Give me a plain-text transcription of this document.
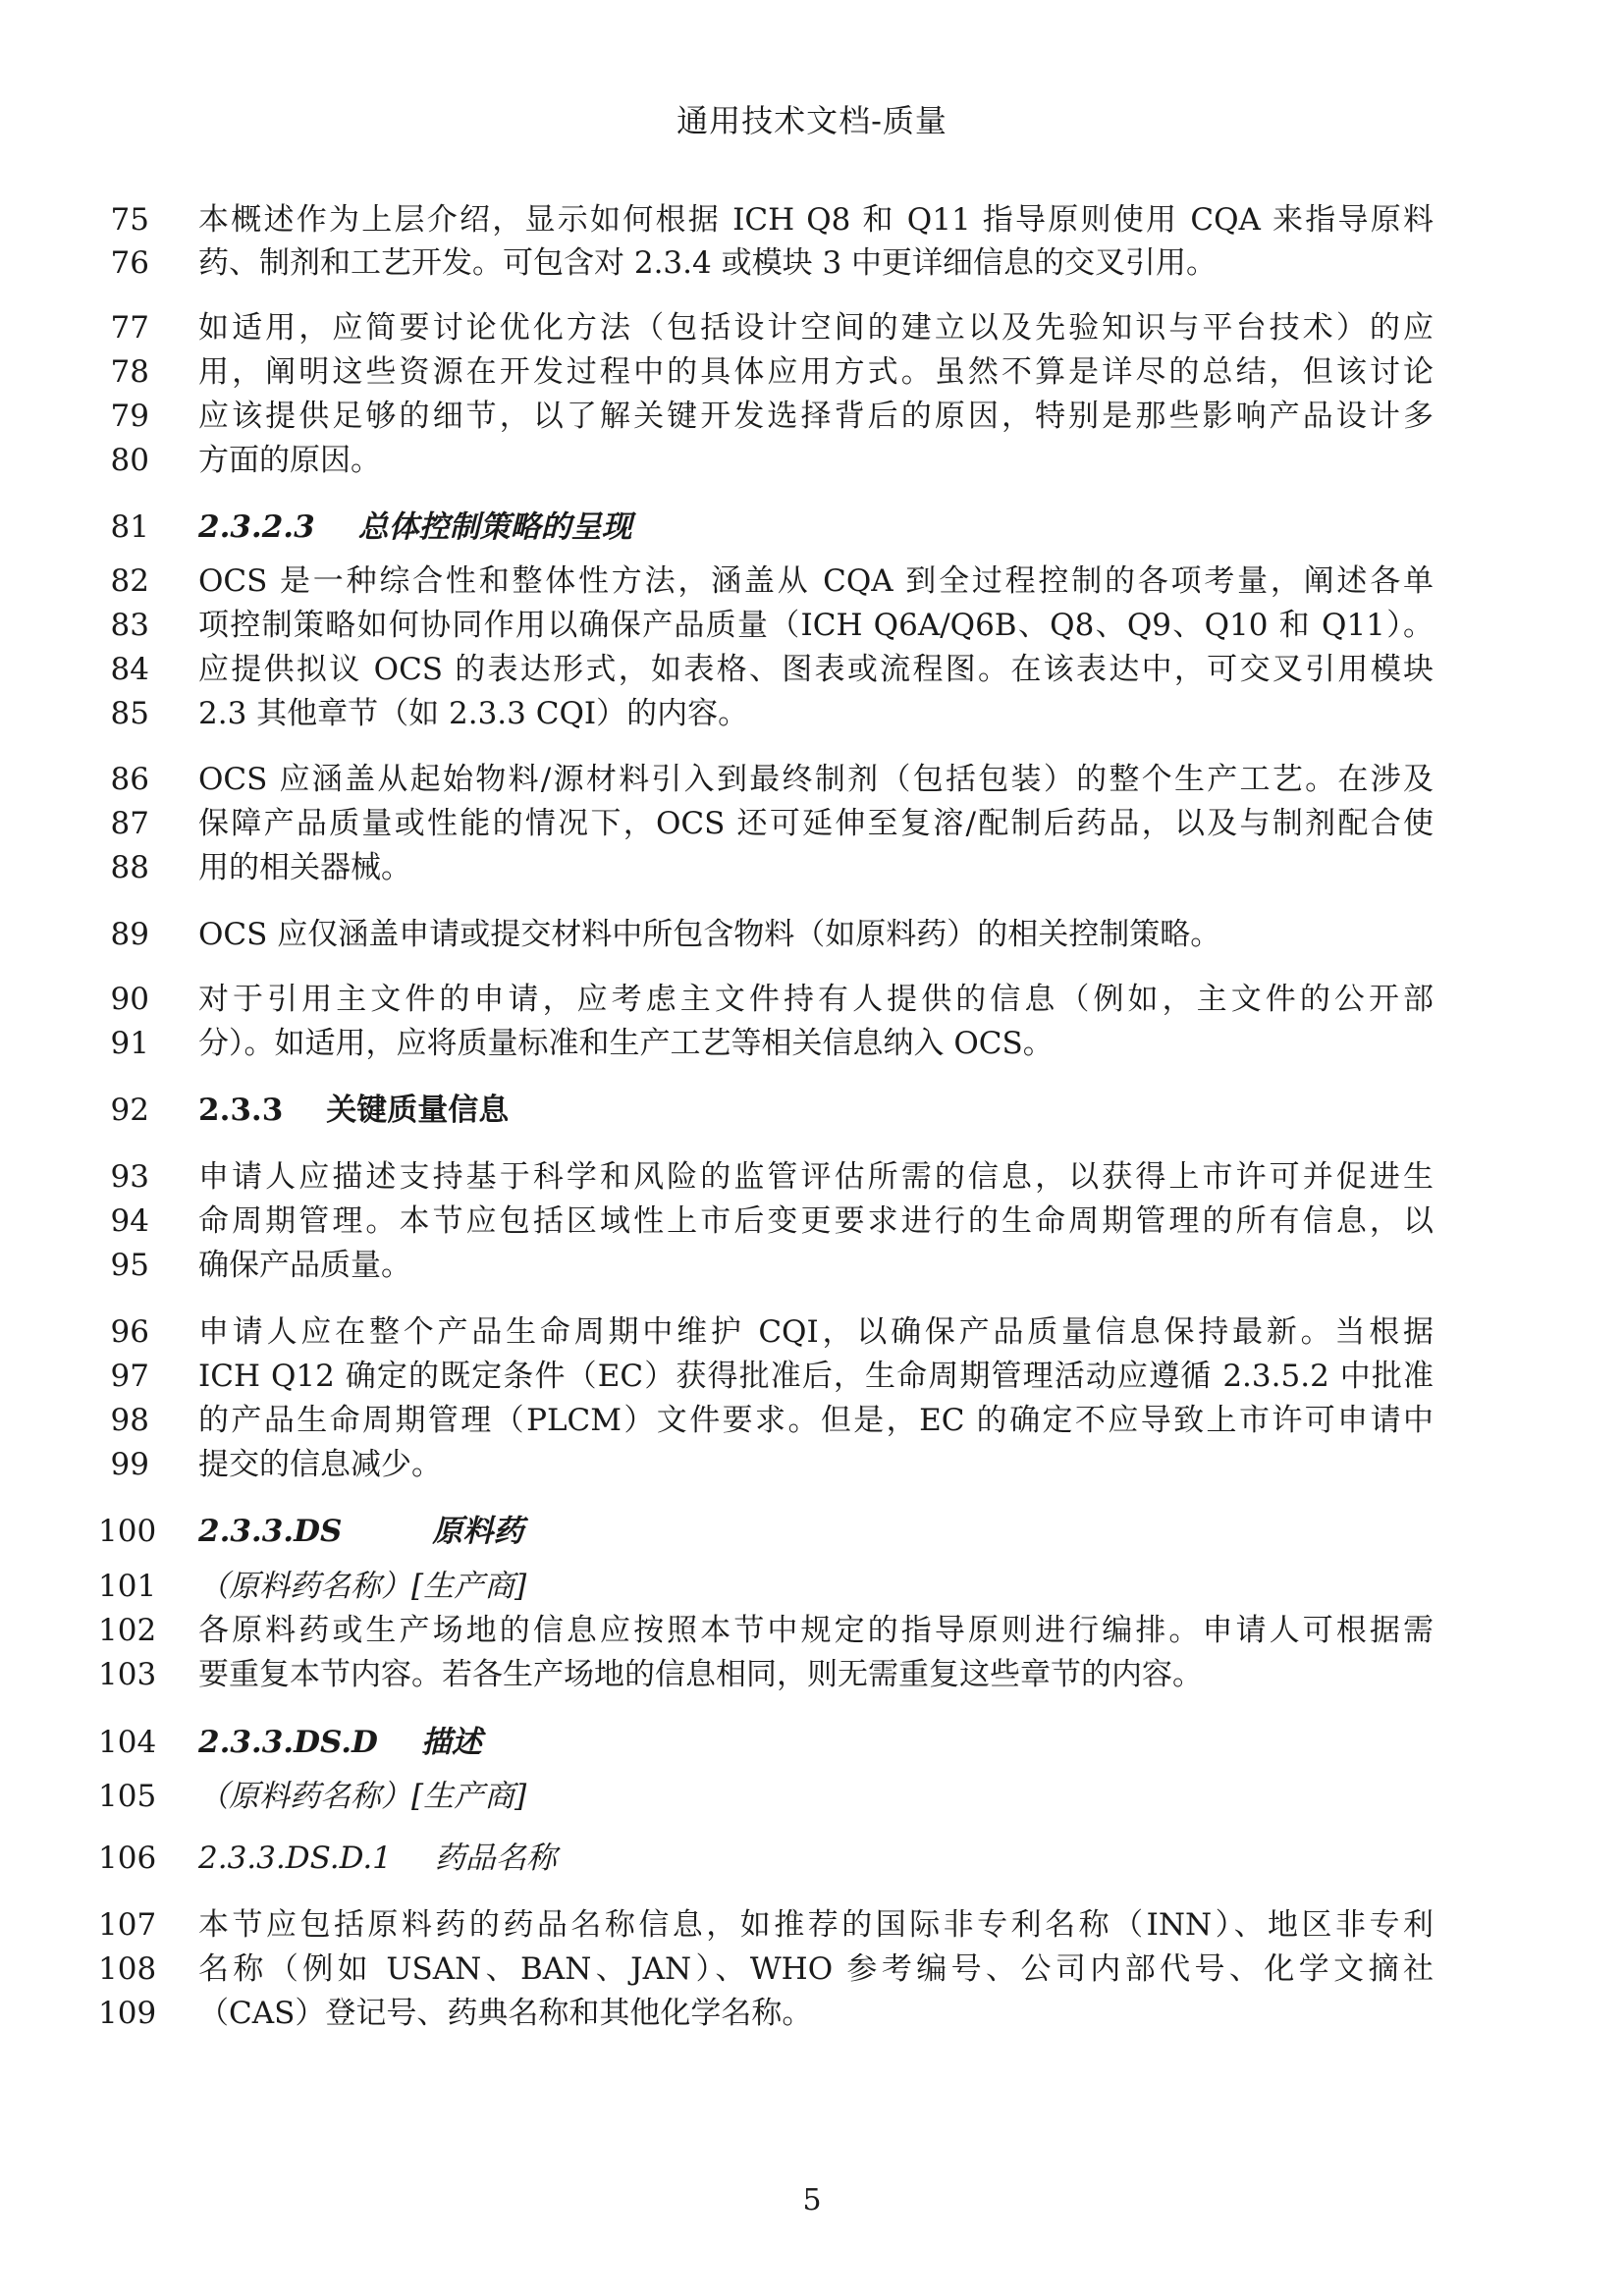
通用技术文档-质量
75 本概述作为上层介绍，显示如何根据 ICH Q8 和 Q11 指导原则使用 CQA 来指导原料
76 药、制剂和工艺开发。可包含对 2.3.4 或模块 3 中更详细信息的交叉引用。
77 如适用，应简要讨论优化方法（包括设计空间的建立以及先验知识与平台技术）的应
78 用，阐明这些资源在开发过程中的具体应用方式。虽然不算是详尽的总结，但该讨论
79 应该提供足够的细节，以了解关键开发选择背后的原因，特别是那些影响产品设计多
80 方面的原因。
81 2.3.2.3 总体控制策略的呈现
82 OCS 是一种综合性和整体性方法，涵盖从 CQA 到全过程控制的各项考量，阐述各单
83 项控制策略如何协同作用以确保产品质量（ICH Q6A/Q6B、Q8、Q9、Q10 和 Q11）。
84 应提供拟议 OCS 的表达形式，如表格、图表或流程图。在该表达中，可交叉引用模块
85 2.3 其他章节（如 2.3.3 CQI）的内容。
86 OCS 应涵盖从起始物料/源材料引入到最终制剂（包括包装）的整个生产工艺。在涉及
87 保障产品质量或性能的情况下，OCS 还可延伸至复溶/配制后药品，以及与制剂配合使
88 用的相关器械。
89 OCS 应仅涵盖申请或提交材料中所包含物料（如原料药）的相关控制策略。
90 对于引用主文件的申请，应考虑主文件持有人提供的信息（例如，主文件的公开部
91 分）。如适用，应将质量标准和生产工艺等相关信息纳入 OCS。
92 2.3.3 关键质量信息
93 申请人应描述支持基于科学和风险的监管评估所需的信息，以获得上市许可并促进生
94 命周期管理。本节应包括区域性上市后变更要求进行的生命周期管理的所有信息，以
95 确保产品质量。
96 申请人应在整个产品生命周期中维护 CQI，以确保产品质量信息保持最新。当根据
97 ICH Q12 确定的既定条件（EC）获得批准后，生命周期管理活动应遵循 2.3.5.2 中批准
98 的产品生命周期管理（PLCM）文件要求。但是，EC 的确定不应导致上市许可申请中
99 提交的信息减少。
100 2.3.3.DS	原料药
101 （原料药名称）[生产商]
102 各原料药或生产场地的信息应按照本节中规定的指导原则进行编排。申请人可根据需
103 要重复本节内容。若各生产场地的信息相同，则无需重复这些章节的内容。
104 2.3.3.DS.D 描述
105 （原料药名称）[生产商]
106 2.3.3.DS.D.1 药品名称
107 本节应包括原料药的药品名称信息，如推荐的国际非专利名称（INN）、地区非专利
108 名称（例如 USAN、BAN、JAN）、WHO 参考编号、公司内部代号、化学文摘社
109 （CAS）登记号、药典名称和其他化学名称。
5
